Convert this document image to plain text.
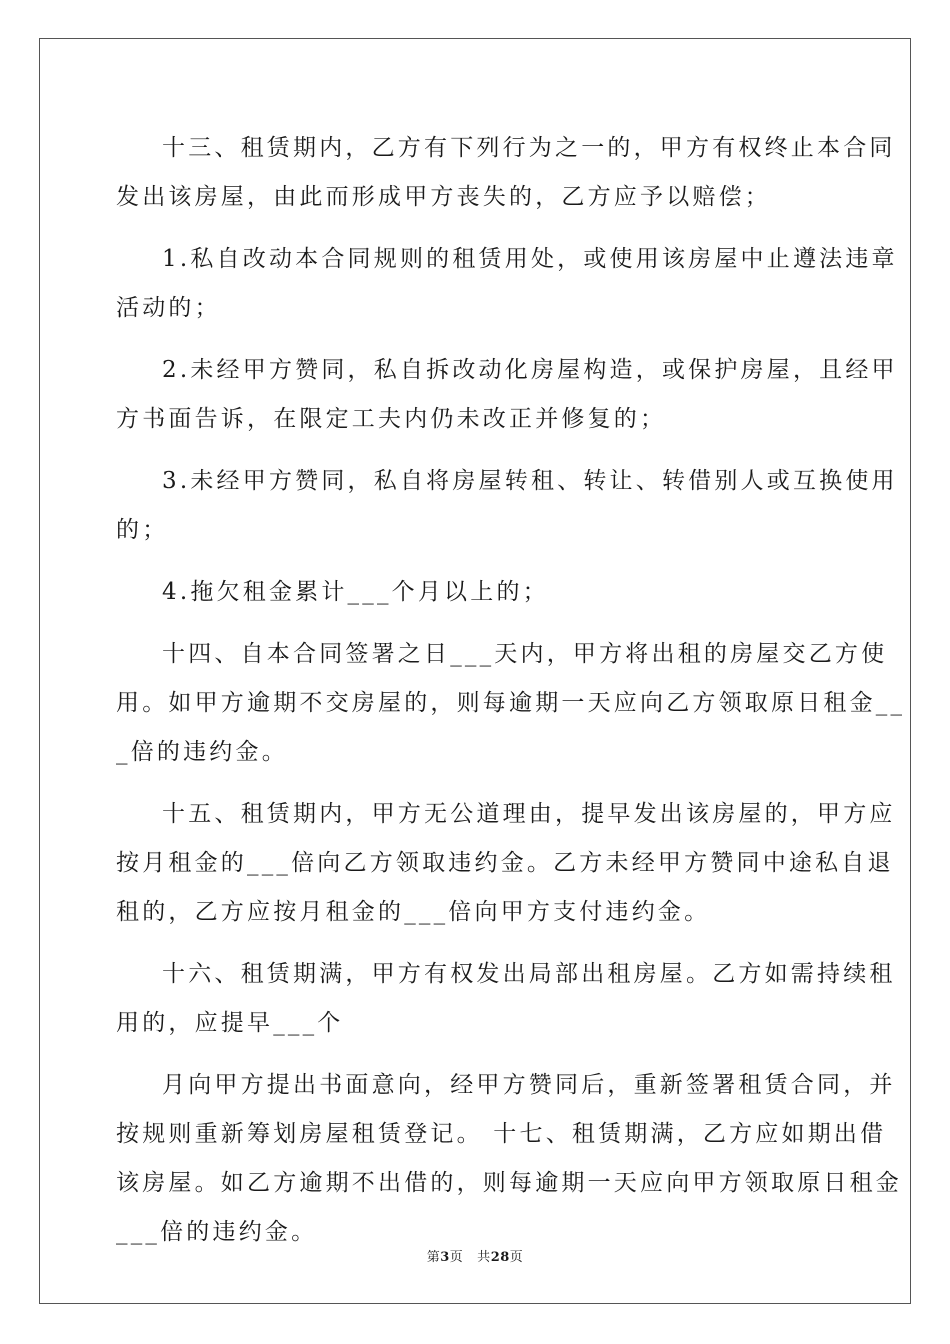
十三、租赁期内，乙方有下列行为之一的，甲方有权终止本合同
发出该房屋，由此而形成甲方丧失的，乙方应予以赔偿；
1.私自改动本合同规则的租赁用处，或使用该房屋中止遵法违章
活动的；
2.未经甲方赞同，私自拆改动化房屋构造，或保护房屋，且经甲
方书面告诉，在限定工夫内仍未改正并修复的；
3.未经甲方赞同，私自将房屋转租、转让、转借别人或互换使用
的；
4.拖欠租金累计___个月以上的；
十四、自本合同签署之日___天内，甲方将出租的房屋交乙方使
用。如甲方逾期不交房屋的，则每逾期一天应向乙方领取原日租金__
_倍的违约金。
十五、租赁期内，甲方无公道理由，提早发出该房屋的，甲方应
按月租金的___倍向乙方领取违约金。乙方未经甲方赞同中途私自退
租的，乙方应按月租金的___倍向甲方支付违约金。
十六、租赁期满，甲方有权发出局部出租房屋。乙方如需持续租
用的，应提早___个
月向甲方提出书面意向，经甲方赞同后，重新签署租赁合同，并
按规则重新筹划房屋租赁登记。 十七、租赁期满，乙方应如期出借
该房屋。如乙方逾期不出借的，则每逾期一天应向甲方领取原日租金
___倍的违约金。
第3页 共28页
